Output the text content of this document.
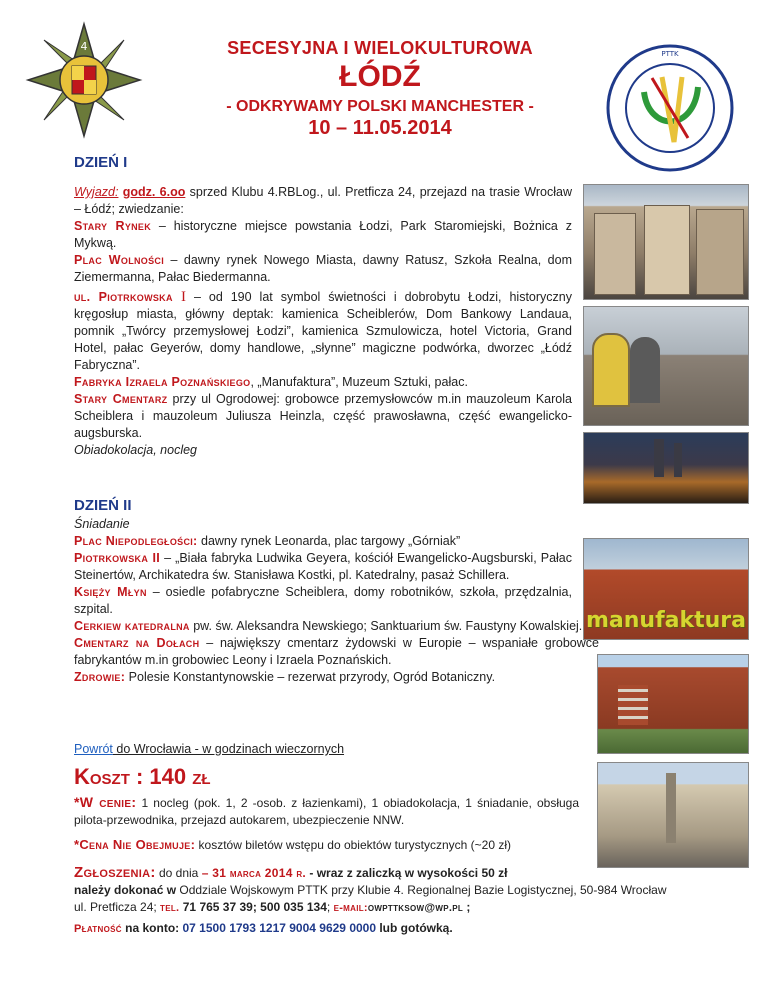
4
PTTK
SECESYJNA I WIELOKULTUROWA
ŁÓDŹ
- ODKRYWAMY POLSKI MANCHESTER -
10 – 11.05.2014
DZIEŃ I
Wyjazd: godz. 6.oo sprzed Klubu 4.RBLog., ul. Pretficza 24, przejazd na trasie Wrocław – Łódź; zwiedzanie:
Stary Rynek – historyczne miejsce powstania Łodzi, Park Staromiejski, Bożnica z Mykwą.
Plac Wolności – dawny rynek Nowego Miasta, dawny Ratusz, Szkoła Realna, dom Ziemermanna, Pałac Biedermanna.
ul. Piotrkowska I – od 190 lat symbol świetności i dobrobytu Łodzi, historyczny kręgosłup miasta, główny deptak: kamienica Scheiblerów, Dom Bankowy Landaua, pomnik „Twórcy przemysłowej Łodzi”, kamienica Szmulowicza, hotel Victoria, Grand Hotel, pałac Geyerów, domy handlowe, „słynne” magiczne podwórka, dworzec „Łódź Fabryczna”.
Fabryka Izraela Poznańskiego, „Manufaktura”, Muzeum Sztuki, pałac.
Stary Cmentarz przy ul Ogrodowej: grobowce przemysłowców m.in mauzoleum Karola Scheiblera i mauzoleum Juliusza Heinzla, część prawosławna, część ewangelicko-augsburska.
Obiadokolacja, nocleg
manufaktura
DZIEŃ II
Śniadanie
Plac Niepodległości: dawny rynek Leonarda, plac targowy „Górniak”
Piotrkowska II – „Biała fabryka Ludwika Geyera, kościół Ewangelicko-Augsburski, Pałac Steinertów, Archikatedra św. Stanisława Kostki, pl. Katedralny, pasaż Schillera.
Księży Młyn – osiedle pofabryczne Scheiblera, domy robotników, szkoła, przędzalnia, szpital.
Cerkiew katedralna pw. św. Aleksandra Newskiego; Sanktuarium św. Faustyny Kowalskiej.
Cmentarz na Dołach – największy cmentarz żydowski w Europie – wspaniałe grobowce fabrykantów m.in grobowiec Leony i Izraela Poznańskich.
Zdrowie: Polesie Konstantynowskie – rezerwat przyrody, Ogród Botaniczny.
Powrót do Wrocławia - w godzinach wieczornych
Koszt : 140 zł
*W cenie: 1 nocleg (pok. 1, 2 -osob. z łazienkami), 1 obiadokolacja, 1 śniadanie, obsługa pilota-przewodnika, przejazd autokarem, ubezpieczenie NNW.
*Cena Nie Obejmuje: kosztów biletów wstępu do obiektów turystycznych (~20 zł)
Zgłoszenia: do dnia – 31 marca 2014 r. - wraz z zaliczką w wysokości 50 zł
należy dokonać w Oddziale Wojskowym PTTK przy Klubie 4. Regionalnej Bazie Logistycznej, 50-984 Wrocław
ul. Pretficza 24; tel. 71 765 37 39; 500 035 134; e-mail:owpttksow@wp.pl ;
Płatność na konto: 07 1500 1793 1217 9004 9629 0000 lub gotówką.
